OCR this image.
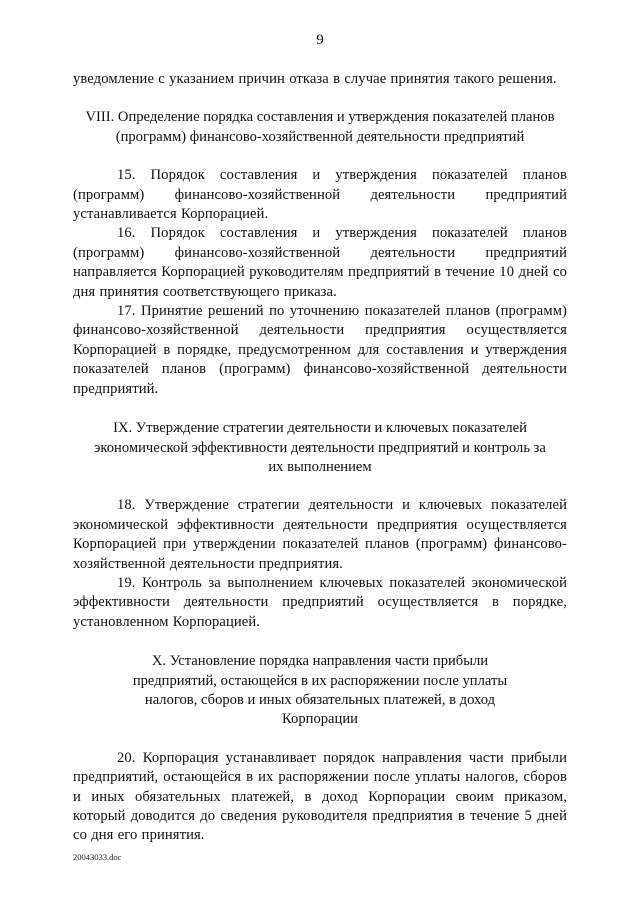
9

уведомление с указанием причин отказа в случае принятия такого решения.

VIII. Определение порядка составления и утверждения показателей планов (программ) финансово-хозяйственной деятельности предприятий

15. Порядок составления и утверждения показателей планов (программ) финансово-хозяйственной деятельности предприятий устанавливается Корпорацией.

16. Порядок составления и утверждения показателей планов (программ) финансово-хозяйственной деятельности предприятий направляется Корпорацией руководителям предприятий в течение 10 дней со дня принятия соответствующего приказа.

17. Принятие решений по уточнению показателей планов (программ) финансово-хозяйственной деятельности предприятия осуществляется Корпорацией в порядке, предусмотренном для составления и утверждения показателей планов (программ) финансово-хозяйственной деятельности предприятий.

IX. Утверждение стратегии деятельности и ключевых показателей экономической эффективности деятельности предприятий и контроль за их выполнением

18. Утверждение стратегии деятельности и ключевых показателей экономической эффективности деятельности предприятия осуществляется Корпорацией при утверждении показателей планов (программ) финансово-хозяйственной деятельности предприятия.

19. Контроль за выполнением ключевых показателей экономической эффективности деятельности предприятий осуществляется в порядке, установленном Корпорацией.

X. Установление порядка направления части прибыли предприятий, остающейся в их распоряжении после уплаты налогов, сборов и иных обязательных платежей, в доход Корпорации

20. Корпорация устанавливает порядок направления части прибыли предприятий, остающейся в их распоряжении после уплаты налогов, сборов и иных обязательных платежей, в доход Корпорации своим приказом, который доводится до сведения руководителя предприятия в течение 5 дней со дня его принятия.

20043033.doc
